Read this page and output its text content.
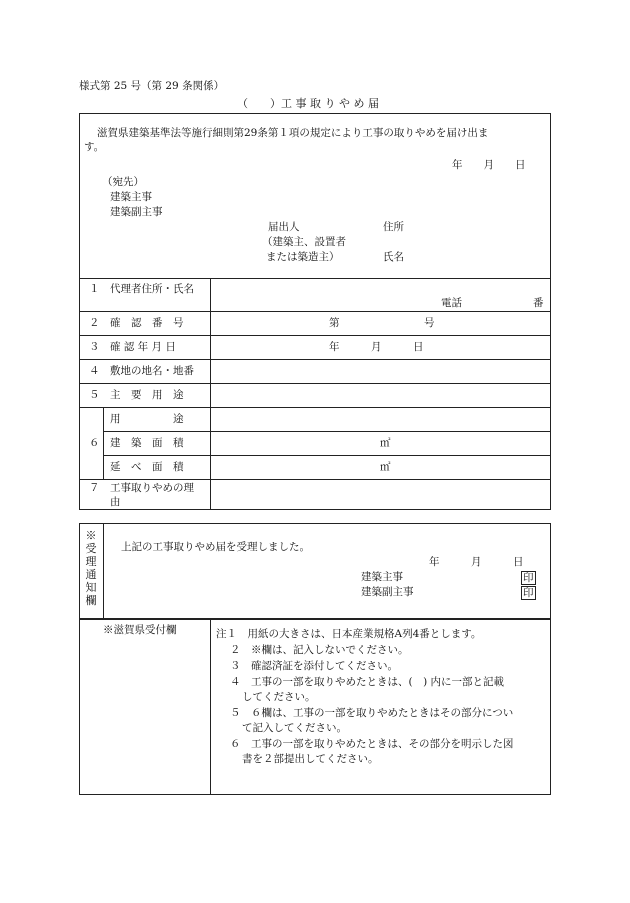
様式第 25 号（第 29 条関係）
（　　）工 事 取 り や め 届
滋賀県建築基準法等施行細則第29条第１項の規定により工事の取りやめを届け出ま
す。
年　　月　　日
（宛先）
建築主事
建築副主事
届出人	住所
（建築主、設置者
または築造主）	氏名
１　代理者住所・氏名
電話	番
２　確　認　番　号	第	号
３　確 認 年 月 日	年　　　月　　　日
４　敷地の地名・地番
５　主　要　用　途
６
用　　　　　途
建　築　面　積	㎡
延　べ　面　積	㎡
７ 工事取りやめの理
由
※受理通知欄
上記の工事取りやめ届を受理しました。
年　　　月　　　日
建築主事	印
建築副主事	印
※滋賀県受付欄	注１　用紙の大きさは、日本産業規格A列4番とします。
２　※欄は、記入しないでください。
３　確認済証を添付してください。
４　工事の一部を取りやめたときは、(　) 内に一部と記載
してください。
５　６欄は、工事の一部を取りやめたときはその部分につい
て記入してください。
６　工事の一部を取りやめたときは、その部分を明示した図
書を２部提出してください。
